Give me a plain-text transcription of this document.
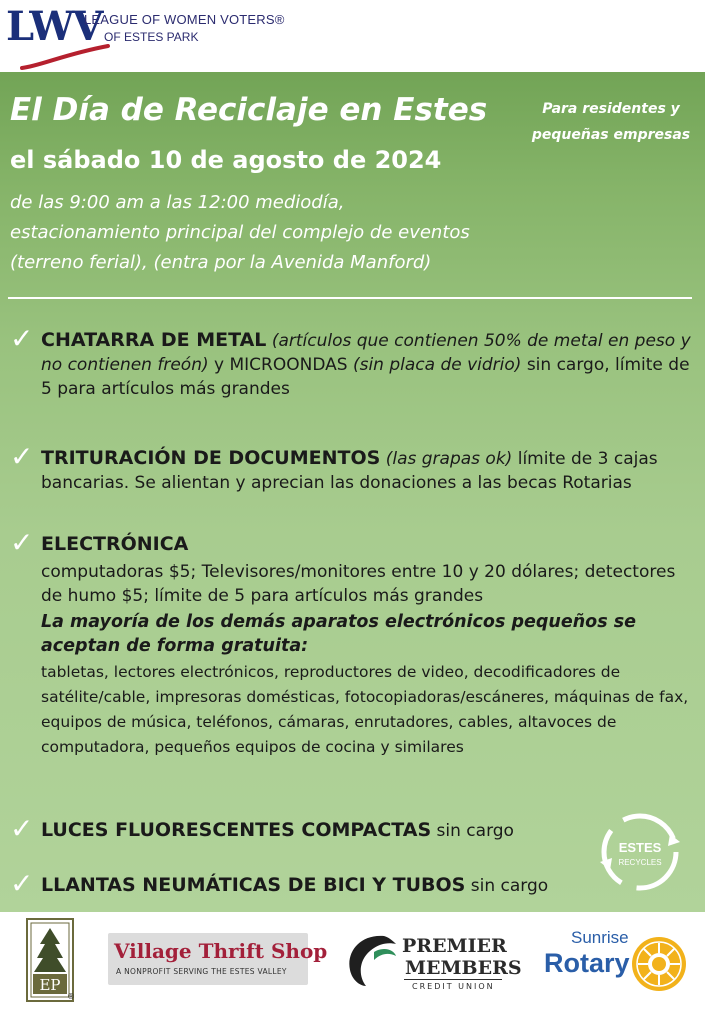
LWV
LEAGUE OF WOMEN VOTERS®
OF ESTES PARK
El Día de Reciclaje en Estes	Para residentes y
pequeñas empresas
el sábado 10 de agosto de 2024
de las 9:00 am a las 12:00 mediodía,
estacionamiento principal del complejo de eventos
(terreno ferial), (entra por la Avenida Manford)
✓ CHATARRA DE METAL (artículos que contienen 50% de metal en peso y no contienen freón) y MICROONDAS (sin placa de vidrio) sin cargo, límite de 5 para artículos más grandes
✓ TRITURACIÓN DE DOCUMENTOS (las grapas ok) límite de 3 cajas bancarias. Se alientan y aprecian las donaciones a las becas Rotarias
✓ ELECTRÓNICA
computadoras $5; Televisores/monitores entre 10 y 20 dólares; detectores de humo $5; límite de 5 para artículos más grandes
La mayoría de los demás aparatos electrónicos pequeños se aceptan de forma gratuita:
tabletas, lectores electrónicos, reproductores de video, decodificadores de satélite/cable, impresoras domésticas, fotocopiadoras/escáneres, máquinas de fax, equipos de música, teléfonos, cámaras, enrutadores, cables, altavoces de computadora, pequeños equipos de cocina y similares
✓ LUCES FLUORESCENTES COMPACTAS sin cargo
✓ LLANTAS NEUMÁTICAS DE BICI Y TUBOS sin cargo
ESTES
RECYCLES
EP
®
Village Thrift Shop
A NONPROFIT SERVING THE ESTES VALLEY
PREMIER
MEMBERS
CREDIT UNION
Sunrise
Rotary
